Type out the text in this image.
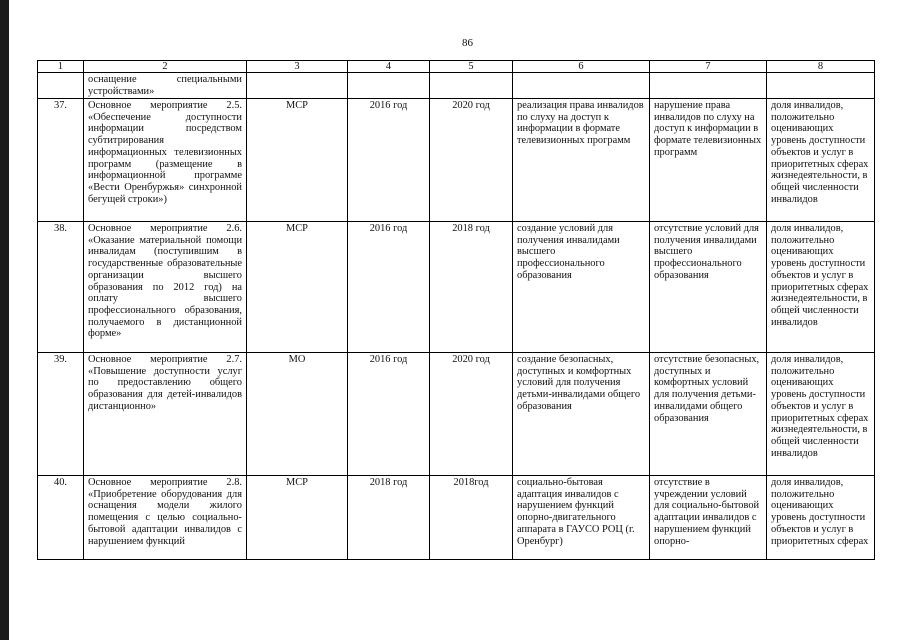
86
1	2	3	4	5	6	7	8
	оснащение специальными устройствами»						
37.	Основное мероприятие 2.5. «Обеспечение доступности информации посредством субтитрирования информационных телевизионных программ (размещение в информационной программе «Вести Оренбуржья» синхронной бегущей строки»)	МСР	2016 год	2020 год	реализация права инвалидов по слуху на доступ к информации в формате телевизионных программ	нарушение права инвалидов по слуху на доступ к информации в формате телевизионных программ	доля инвалидов, положительно оценивающих уровень доступности объектов и услуг в приоритетных сферах жизнедеятельности, в общей численности инвалидов
38.	Основное мероприятие 2.6. «Оказание материальной помощи инвалидам (поступившим в государственные образовательные организации высшего образования по 2012 год) на оплату высшего профессионального образования, получаемого в дистанционной форме»	МСР	2016 год	2018 год	создание условий для получения инвалидами высшего профессионального образования	отсутствие условий для получения инвалидами высшего профессионального образования	доля инвалидов, положительно оценивающих уровень доступности объектов и услуг в приоритетных сферах жизнедеятельности, в общей численности инвалидов
39.	Основное мероприятие 2.7. «Повышение доступности услуг по предоставлению общего образования для детей-инвалидов дистанционно»	МО	2016 год	2020 год	создание безопасных, доступных и комфортных условий для получения детьми-инвалидами общего образования	отсутствие безопасных, доступных и комфортных условий для получения детьми-инвалидами общего образования	доля инвалидов, положительно оценивающих уровень доступности объектов и услуг в приоритетных сферах жизнедеятельности, в общей численности инвалидов
40.	Основное мероприятие 2.8. «Приобретение оборудования для оснащения модели жилого помещения с целью социально-бытовой адаптации инвалидов с нарушением функций	МСР	2018 год	2018год	социально-бытовая адаптация инвалидов с нарушением функций опорно-двигательного аппарата в ГАУСО РОЦ (г. Оренбург)	отсутствие в учреждении условий для социально-бытовой адаптации инвалидов с нарушением функций опорно-	доля инвалидов, положительно оценивающих уровень доступности объектов и услуг в приоритетных сферах
